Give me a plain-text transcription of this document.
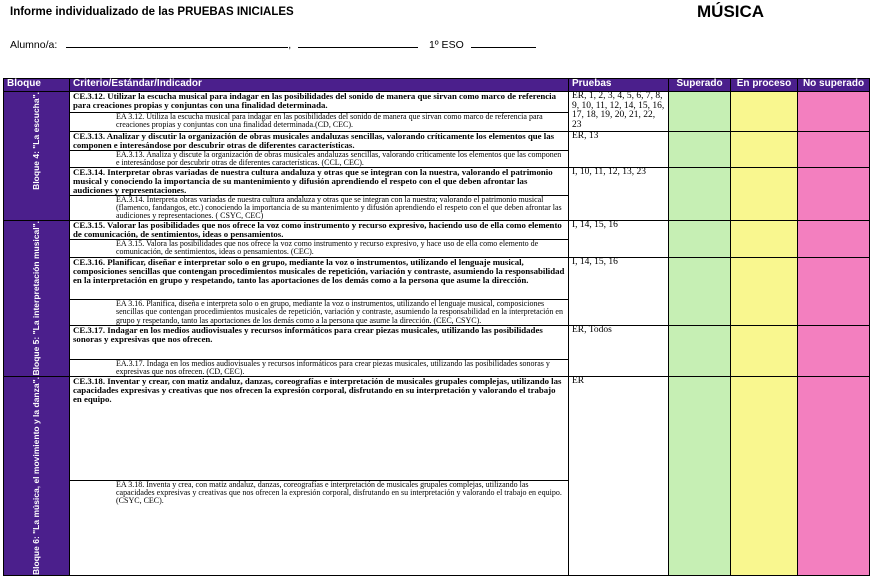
Informe individualizado de las PRUEBAS INICIALES	MÚSICA
Alumno/a:	,	1º ESO
Bloque	Criterio/Estándar/Indicador	Pruebas	Superado	En proceso	No superado

Bloque 4: "La escucha".	CE.3.12. Utilizar la escucha musical para indagar en las posibilidades del sonido de manera que sirvan como marco de referencia para creaciones propias y conjuntas con una finalidad determinada.	ER, 1, 2, 3, 4, 5, 6, 7, 8, 9, 10, 11, 12, 14, 15, 16, 17, 18, 19, 20, 21, 22, 23			
	EA 3.12. Utiliza la escucha musical para indagar en las posibilidades del sonido de manera que sirvan como marco de referencia para creaciones propias y conjuntas con una finalidad determinada.(CD, CEC).				
	CE.3.13. Analizar y discutir la organización de obras musicales andaluzas sencillas, valorando críticamente los elementos que las componen e interesándose por descubrir otras de diferentes características.	ER, 13			
	EA.3.13. Analiza y discute la organización de obras musicales andaluzas sencillas, valorando críticamente los elementos que las componen e interesándose por descubrir otras de diferentes características. (CCL, CEC).				
	CE.3.14. Interpretar obras variadas de nuestra cultura andaluza y otras que se integran con la nuestra, valorando el patrimonio musical y conociendo la importancia de su mantenimiento y difusión aprendiendo el respeto con el que deben afrontar las audiciones y representaciones.	I, 10, 11, 12, 13, 23			
	EA.3.14. Interpreta obras variadas de nuestra cultura andaluza y otras que se integran con la nuestra; valorando el patrimonio musical (flamenco, fandangos, etc.) conociendo la importancia de su mantenimiento y difusión aprendiendo el respeto con el que deben afrontar las audiciones y representaciones. ( CSYC, CEC)				

Bloque 5: "La interpretación musical".	CE.3.15. Valorar las posibilidades que nos ofrece la voz como instrumento y recurso expresivo, haciendo uso de ella como elemento de comunicación, de sentimientos, ideas o pensamientos.	I, 14, 15, 16			
	EA 3.15. Valora las posibilidades que nos ofrece la voz como instrumento y recurso expresivo, y hace uso de ella como elemento de comunicación, de sentimientos, ideas o pensamientos. (CEC).				
	CE.3.16. Planificar, diseñar e interpretar solo o en grupo, mediante la voz o instrumentos, utilizando el lenguaje musical, composiciones sencillas que contengan procedimientos musicales de repetición, variación y contraste, asumiendo la responsabilidad en la interpretación en grupo y respetando, tanto las aportaciones de los demás como a la persona que asume la dirección.	I, 14, 15, 16			
	EA 3.16. Planifica, diseña e interpreta solo o en grupo, mediante la voz o instrumentos, utilizando el lenguaje musical, composiciones sencillas que contengan procedimientos musicales de repetición, variación y contraste, asumiendo la responsabilidad en la interpretación en grupo y respetando, tanto las aportaciones de los demás como a la persona que asume la dirección. (CEC, CSYC).				
	CE.3.17. Indagar en los medios audiovisuales y recursos informáticos para crear piezas musicales, utilizando las posibilidades sonoras y expresivas que nos ofrecen.	ER, Todos			
	EA.3.17. Indaga en los medios audiovisuales y recursos informáticos para crear piezas musicales, utilizando las posibilidades sonoras y expresivas que nos ofrecen. (CD, CEC).				

Bloque 6: "La música, el movimiento y la danza".	CE.3.18. Inventar y crear, con matiz andaluz, danzas, coreografías e interpretación de musicales grupales complejas, utilizando las capacidades expresivas y creativas que nos ofrecen la expresión corporal, disfrutando en su interpretación y valorando el trabajo en equipo.	ER			
	EA 3.18. Inventa y crea, con matiz andaluz, danzas, coreografías e interpretación de musicales grupales complejas, utilizando las capacidades expresivas y creativas que nos ofrecen la expresión corporal, disfrutando en su interpretación y valorando el trabajo en equipo. (CSYC, CEC).				
